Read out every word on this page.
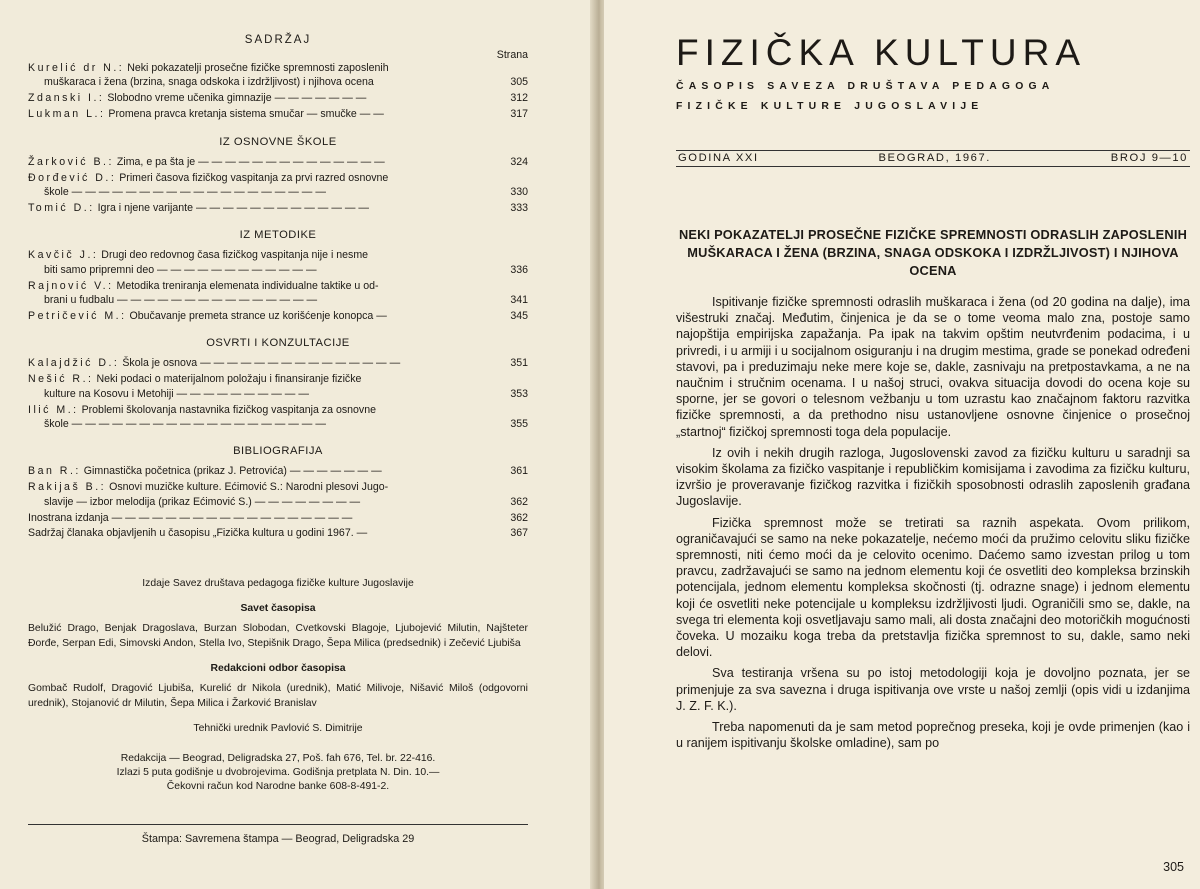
SADRŽAJ
Strana
Kurelić dr N.: Neki pokazatelji prosečne fizičke spremnosti zaposlenih
muškaraca i žena (brzina, snaga odskoka i izdržljivost) i njihova ocena	305
Zdanski I.: Slobodno vreme učenika gimnazije — — — — — — —	312
Lukman L.: Promena pravca kretanja sistema smučar — smučke — —	317
IZ OSNOVNE ŠKOLE
Žarković B.: Zima, e pa šta je — — — — — — — — — — — — — —	324
Đorđević D.: Primeri časova fizičkog vaspitanja za prvi razred osnovne
škole — — — — — — — — — — — — — — — — — — —	330
Tomić D.: Igra i njene varijante — — — — — — — — — — — — —	333
IZ METODIKE
Kavčič J.: Drugi deo redovnog časa fizičkog vaspitanja nije i nesme
biti samo pripremni deo — — — — — — — — — — — —	336
Rajnović V.: Metodika treniranja elemenata individualne taktike u od-
brani u fudbalu — — — — — — — — — — — — — — —	341
Petričević M.: Obučavanje premeta strance uz korišćenje konopca —	345
OSVRTI I KONZULTACIJE
Kalajdžić D.: Škola je osnova — — — — — — — — — — — — — — —	351
Nešić R.: Neki podaci o materijalnom položaju i finansiranje fizičke
kulture na Kosovu i Metohiji — — — — — — — — — —	353
Ilić M.: Problemi školovanja nastavnika fizičkog vaspitanja za osnovne
škole — — — — — — — — — — — — — — — — — — —	355
BIBLIOGRAFIJA
Ban R.: Gimnastička početnica (prikaz J. Petrovića) — — — — — — —	361
Rakijaš B.: Osnovi muzičke kulture. Ećimović S.: Narodni plesovi Jugo-
slavije — izbor melodija (prikaz Ećimović S.) — — — — — — — —	362
Inostrana izdanja — — — — — — — — — — — — — — — — — —	362
Sadržaj članaka objavljenih u časopisu „Fizička kultura u godini 1967. —	367
Izdaje Savez društava pedagoga fizičke kulture Jugoslavije
Savet časopisa
Belužić Drago, Benjak Dragoslava, Burzan Slobodan, Cvetkovski Blagoje, Ljubojević Milutin, Najšteter Đorđe, Serpan Edi, Simovski Andon, Stella Ivo, Stepišnik Drago, Šepa Milica (predsednik) i Zečević Ljubiša
Redakcioni odbor časopisa
Gombač Rudolf, Dragović Ljubiša, Kurelić dr Nikola (urednik), Matić Milivoje, Nišavić Miloš (odgovorni urednik), Stojanović dr Milutin, Šepa Milica i Žarković Branislav
Tehnički urednik Pavlović S. Dimitrije
Redakcija — Beograd, Deligradska 27, Poš. fah 676, Tel. br. 22-416.
Izlazi 5 puta godišnje u dvobrojevima. Godišnja pretplata N. Din. 10.—
Čekovni račun kod Narodne banke 608-8-491-2.
Štampa: Savremena štampa — Beograd, Deligradska 29
FIZIČKA KULTURA
ČASOPIS SAVEZA DRUŠTAVA PEDAGOGA
FIZIČKE KULTURE JUGOSLAVIJE
GODINA XXI	BEOGRAD, 1967.	BROJ 9—10
NEKI POKAZATELJI PROSEČNE FIZIČKE SPREMNOSTI ODRASLIH ZAPOSLENIH MUŠKARACA I ŽENA (BRZINA, SNAGA ODSKOKA I IZDRŽLJIVOST) I NJIHOVA OCENA

Ispitivanje fizičke spremnosti odraslih muškaraca i žena (od 20 godina na dalje), ima višestruki značaj. Međutim, činjenica je da se o tome veoma malo zna, postoje samo najopštija empirijska zapažanja. Pa ipak na takvim opštim neutvrđenim podacima, i u privredi, i u armiji i u socijalnom osiguranju i na drugim mestima, grade se ponekad određeni stavovi, pa i preduzimaju neke mere koje se, dakle, zasnivaju na pretpostavkama, a ne na naučnim i stručnim ocenama. I u našoj struci, ovakva situacija dovodi do ocena koje su sporne, jer se govori o telesnom vežbanju u tom uzrastu kao značajnom faktoru razvitka fizičke spremnosti, a da prethodno nisu ustanovljene osnovne činjenice o prosečnoj „startnoj“ fizičkoj spremnosti toga dela populacije.

Iz ovih i nekih drugih razloga, Jugoslovenski zavod za fizičku kulturu u saradnji sa visokim školama za fizičko vaspitanje i republičkim komisijama i zavodima za fizičku kulturu, izvršio je proveravanje fizičkog razvitka i fizičkih sposobnosti odraslih zaposlenih građana Jugoslavije.

Fizička spremnost može se tretirati sa raznih aspekata. Ovom prilikom, ograničavajući se samo na neke pokazatelje, nećemo moći da pružimo celovitu sliku fizičke spremnosti, niti ćemo moći da je celovito ocenimo. Dаćemo samo izvestan prilog u tom pravcu, zadržavajući se samo na jednom elementu koji će osvetliti deo kompleksa brzinskih potencijala, jednom elementu kompleksa skočnosti (tj. odrazne snage) i jednom elementu koji će osvetliti neke potencijale u kompleksu izdržljivosti ljudi. Ograničili smo se, dakle, na svega tri elementa koji osvetljavaju samo mali, ali dosta značajni deo motoričkih mogućnosti čoveka. U mozaiku koga treba da pretstavlja fizička spremnost to su, dakle, samo neki delovi.

Sva testiranja vršena su po istoj metodologiji koja je dovoljno poznata, jer se primenjuje za sva savezna i druga ispitivanja ove vrste u našoj zemlji (opis vidi u izdanjima J. Z. F. K.).

Treba napomenuti da je sam metod poprečnog preseka, koji je ovde primenjen (kao i u ranijem ispitivanju školske omladine), sam po

305
